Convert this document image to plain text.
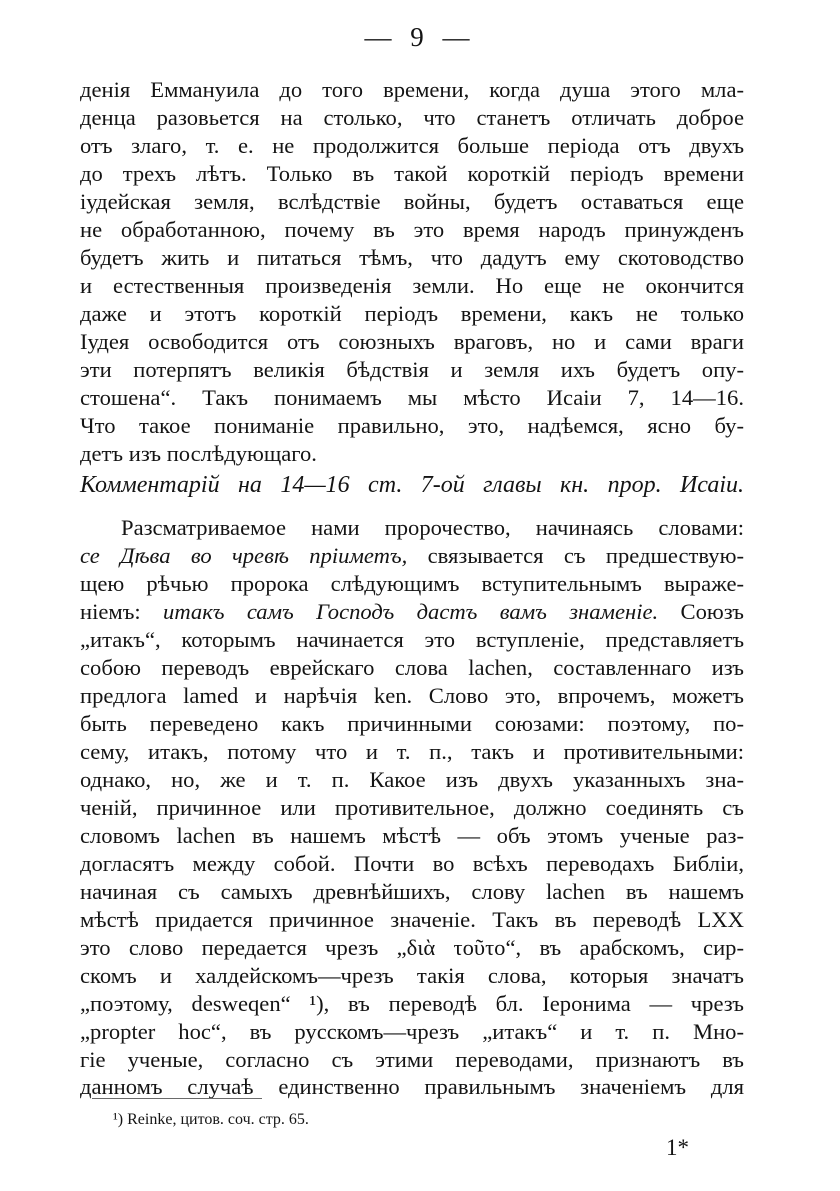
— 9 —
денія Еммануила до того времени, когда душа этого мла-
денца разовьется на столько, что станетъ отличать доброе
отъ злаго, т. е. не продолжится больше періода отъ двухъ
до трехъ лѣтъ. Только въ такой короткій періодъ времени
іудейская земля, вслѣдствіе войны, будетъ оставаться еще
не обработанною, почему въ это время народъ принужденъ
будетъ жить и питаться тѣмъ, что дадутъ ему скотоводство
и естественныя произведенія земли. Но еще не окончится
даже и этотъ короткій періодъ времени, какъ не только
Іудея освободится отъ союзныхъ враговъ, но и сами враги
эти потерпятъ великія бѣдствія и земля ихъ будетъ опу-
стошена“. Такъ понимаемъ мы мѣсто Исаіи 7, 14—16.
Что такое пониманіе правильно, это, надѣемся, ясно бу-
детъ изъ послѣдующаго.
Комментарій на 14—16 ст. 7-ой главы кн. прор. Исаіи.
Разсматриваемое нами пророчество, начинаясь словами:
се Дѣва во чревѣ пріиметъ, связывается съ предшествую-
щею рѣчью пророка слѣдующимъ вступительнымъ выраже-
ніемъ: итакъ самъ Господъ дастъ вамъ знаменіе. Союзъ
„итакъ“, которымъ начинается это вступленіе, представляетъ
собою переводъ еврейскаго слова lachen, составленнаго изъ
предлога lamed и нарѣчія ken. Слово это, впрочемъ, можетъ
быть переведено какъ причинными союзами: поэтому, по-
сему, итакъ, потому что и т. п., такъ и противительными:
однако, но, же и т. п. Какое изъ двухъ указанныхъ зна-
ченій, причинное или противительное, должно соединять съ
словомъ lachen въ нашемъ мѣстѣ — объ этомъ ученые раз-
догласятъ между собой. Почти во всѣхъ переводахъ Библіи,
начиная съ самыхъ древнѣйшихъ, слову lachen въ нашемъ
мѣстѣ придается причинное значеніе. Такъ въ переводѣ LXX
это слово передается чрезъ „διὰ τοῦτο“, въ арабскомъ, сир-
скомъ и халдейскомъ—чрезъ такія слова, которыя значатъ
„поэтому, desweqen“ ¹), въ переводѣ бл. Іеронима — чрезъ
„propter hoc“, въ русскомъ—чрезъ „итакъ“ и т. п. Мно-
гіе ученые, согласно съ этими переводами, признаютъ въ
данномъ случаѣ единственно правильнымъ значеніемъ для
¹) Reinke, цитов. соч. стр. 65.
1*
